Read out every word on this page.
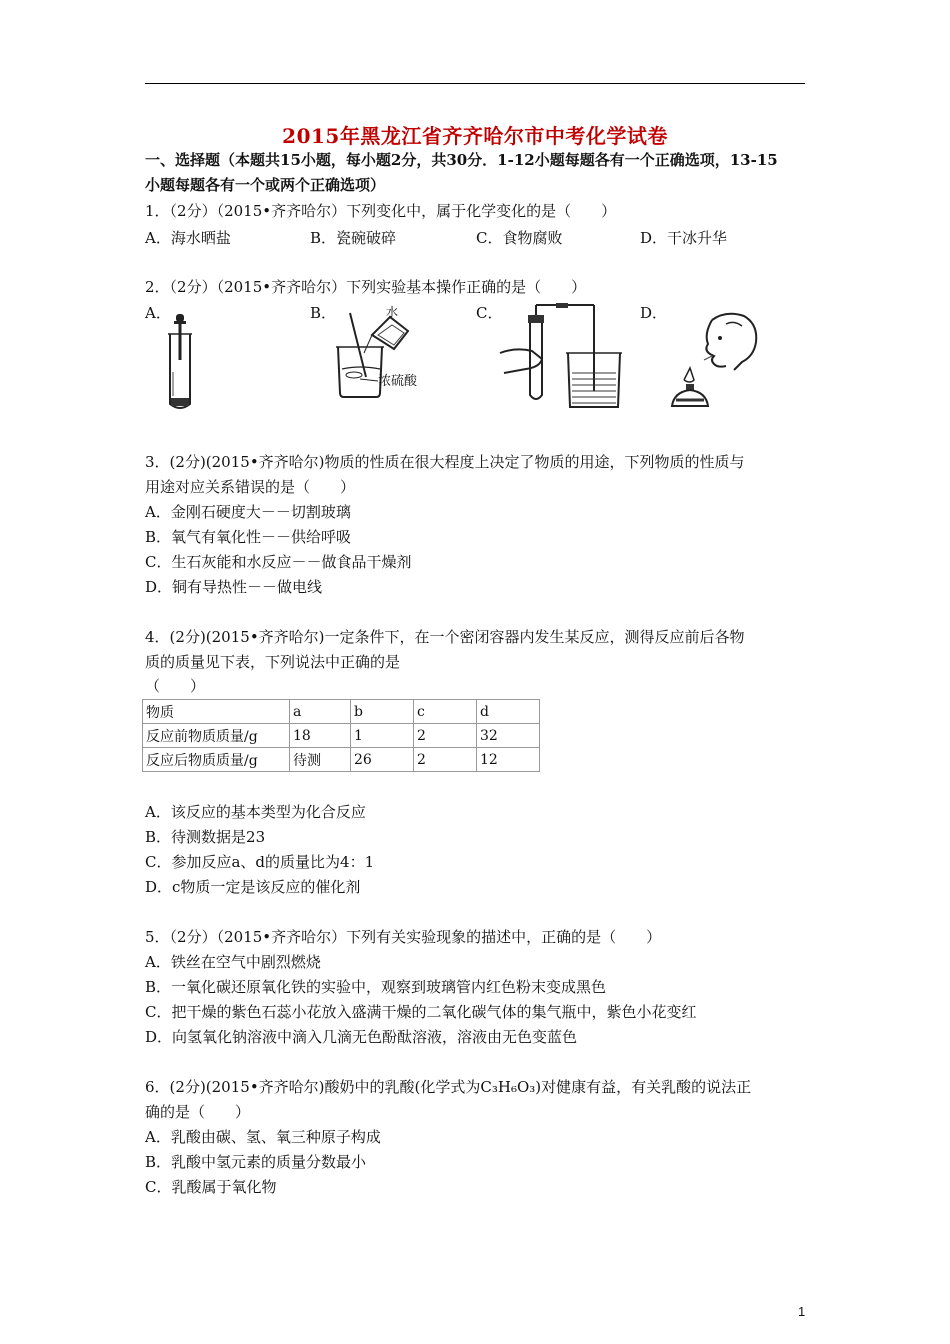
2015年黑龙江省齐齐哈尔市中考化学试卷
一、选择题（本题共15小题，每小题2分，共30分．1-12小题每题各有一个正确选项，13-15
小题每题各有一个或两个正确选项）
1．（2分）（2015•齐齐哈尔）下列变化中，属于化学变化的是（　　）
A．海水晒盐	B．瓷碗破碎	C．食物腐败	D．干冰升华
2．（2分）（2015•齐齐哈尔）下列实验基本操作正确的是（　　）
A．	B．	C．	D．
水
浓硫酸
3．(2分)(2015•齐齐哈尔)物质的性质在很大程度上决定了物质的用途，下列物质的性质与
用途对应关系错误的是（　　）
A．金刚石硬度大－－切割玻璃
B．氧气有氧化性－－供给呼吸
C．生石灰能和水反应－－做食品干燥剂
D．铜有导热性－－做电线
4．(2分)(2015•齐齐哈尔)一定条件下，在一个密闭容器内发生某反应，测得反应前后各物
质的质量见下表，下列说法中正确的是
（　　）
物质	a	b	c	d
反应前物质质量/g	18	1	2	32
反应后物质质量/g	待测	26	2	12
A．该反应的基本类型为化合反应
B．待测数据是23
C．参加反应a、d的质量比为4：1
D．c物质一定是该反应的催化剂
5．（2分）（2015•齐齐哈尔）下列有关实验现象的描述中，正确的是（　　）
A．铁丝在空气中剧烈燃烧
B．一氧化碳还原氧化铁的实验中，观察到玻璃管内红色粉末变成黑色
C．把干燥的紫色石蕊小花放入盛满干燥的二氧化碳气体的集气瓶中，紫色小花变红
D．向氢氧化钠溶液中滴入几滴无色酚酞溶液，溶液由无色变蓝色
6．(2分)(2015•齐齐哈尔)酸奶中的乳酸(化学式为C₃H₆O₃)对健康有益，有关乳酸的说法正
确的是（　　）
A．乳酸由碳、氢、氧三种原子构成
B．乳酸中氢元素的质量分数最小
C．乳酸属于氧化物
1
